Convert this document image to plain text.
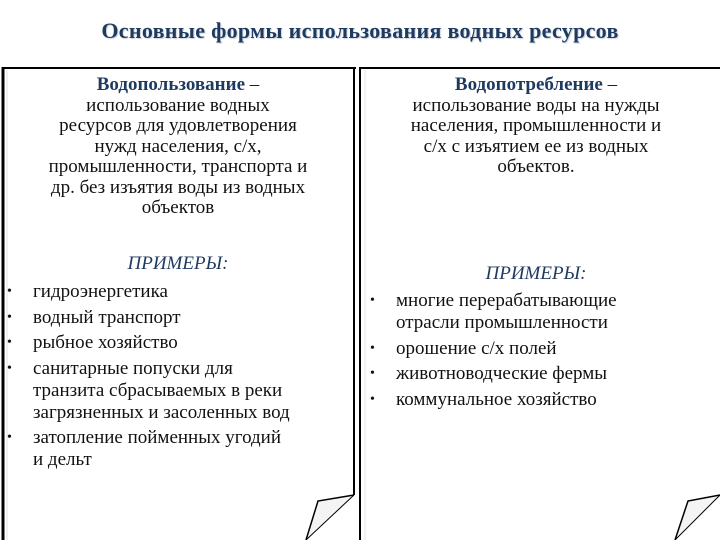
Основные формы использования водных ресурсов
Водопользование –
использование водных
ресурсов для удовлетворения
нужд населения, с/х,
промышленности, транспорта и
др. без изъятия воды из водных
объектов
ПРИМЕРЫ:
• гидроэнергетика
• водный транспорт
• рыбное хозяйство
• санитарные попуски для
транзита сбрасываемых в реки
загрязненных и засоленных вод
• затопление пойменных угодий
и дельт
Водопотребление –
использование воды на нужды
населения, промышленности и
с/х с изъятием ее из водных
объектов.
ПРИМЕРЫ:
• многие перерабатывающие
отрасли промышленности
• орошение с/х полей
• животноводческие фермы
• коммунальное хозяйство
